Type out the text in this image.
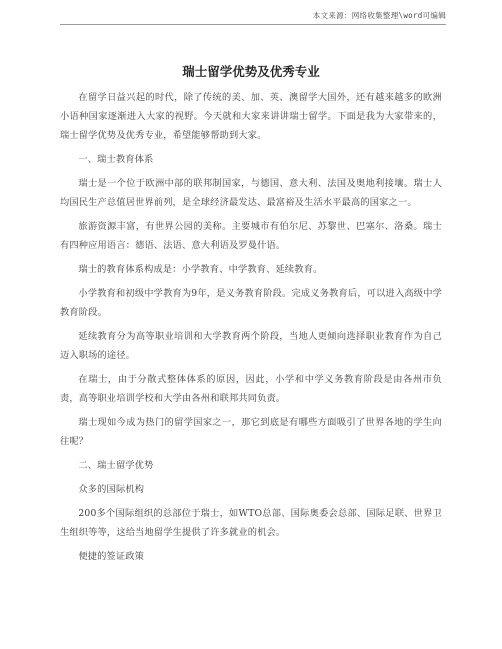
本文来源：网络收集整理\word可编辑
瑞士留学优势及优秀专业

在留学日益兴起的时代，除了传统的美、加、英、澳留学大国外，还有越来越多的欧洲小语种国家逐渐进入大家的视野。今天就和大家来讲讲瑞士留学。下面是我为大家带来的，瑞士留学优势及优秀专业，希望能够帮助到大家。

一、瑞士教育体系

瑞士是一个位于欧洲中部的联邦制国家，与德国、意大利、法国及奥地利接壤。瑞士人均国民生产总值居世界前列，是全球经济最发达、最富裕及生活水平最高的国家之一。

旅游资源丰富，有世界公园的美称。主要城市有伯尔尼、苏黎世、巴塞尔、洛桑。瑞士有四种应用语言：德语、法语、意大利语及罗曼什语。

瑞士的教育体系构成是：小学教育、中学教育、延续教育。

小学教育和初级中学教育为9年，是义务教育阶段。完成义务教育后，可以进入高级中学教育阶段。

延续教育分为高等职业培训和大学教育两个阶段，当地人更倾向选择职业教育作为自己迈入职场的途径。

在瑞士，由于分散式整体体系的原因，因此，小学和中学义务教育阶段是由各州市负责，高等职业培训学校和大学由各州和联邦共同负责。

瑞士现如今成为热门的留学国家之一，那它到底是有哪些方面吸引了世界各地的学生向往呢？

二、瑞士留学优势

众多的国际机构

200多个国际组织的总部位于瑞士，如WTO总部、国际奥委会总部、国际足联、世界卫生组织等等，这给当地留学生提供了许多就业的机会。

便捷的签证政策
